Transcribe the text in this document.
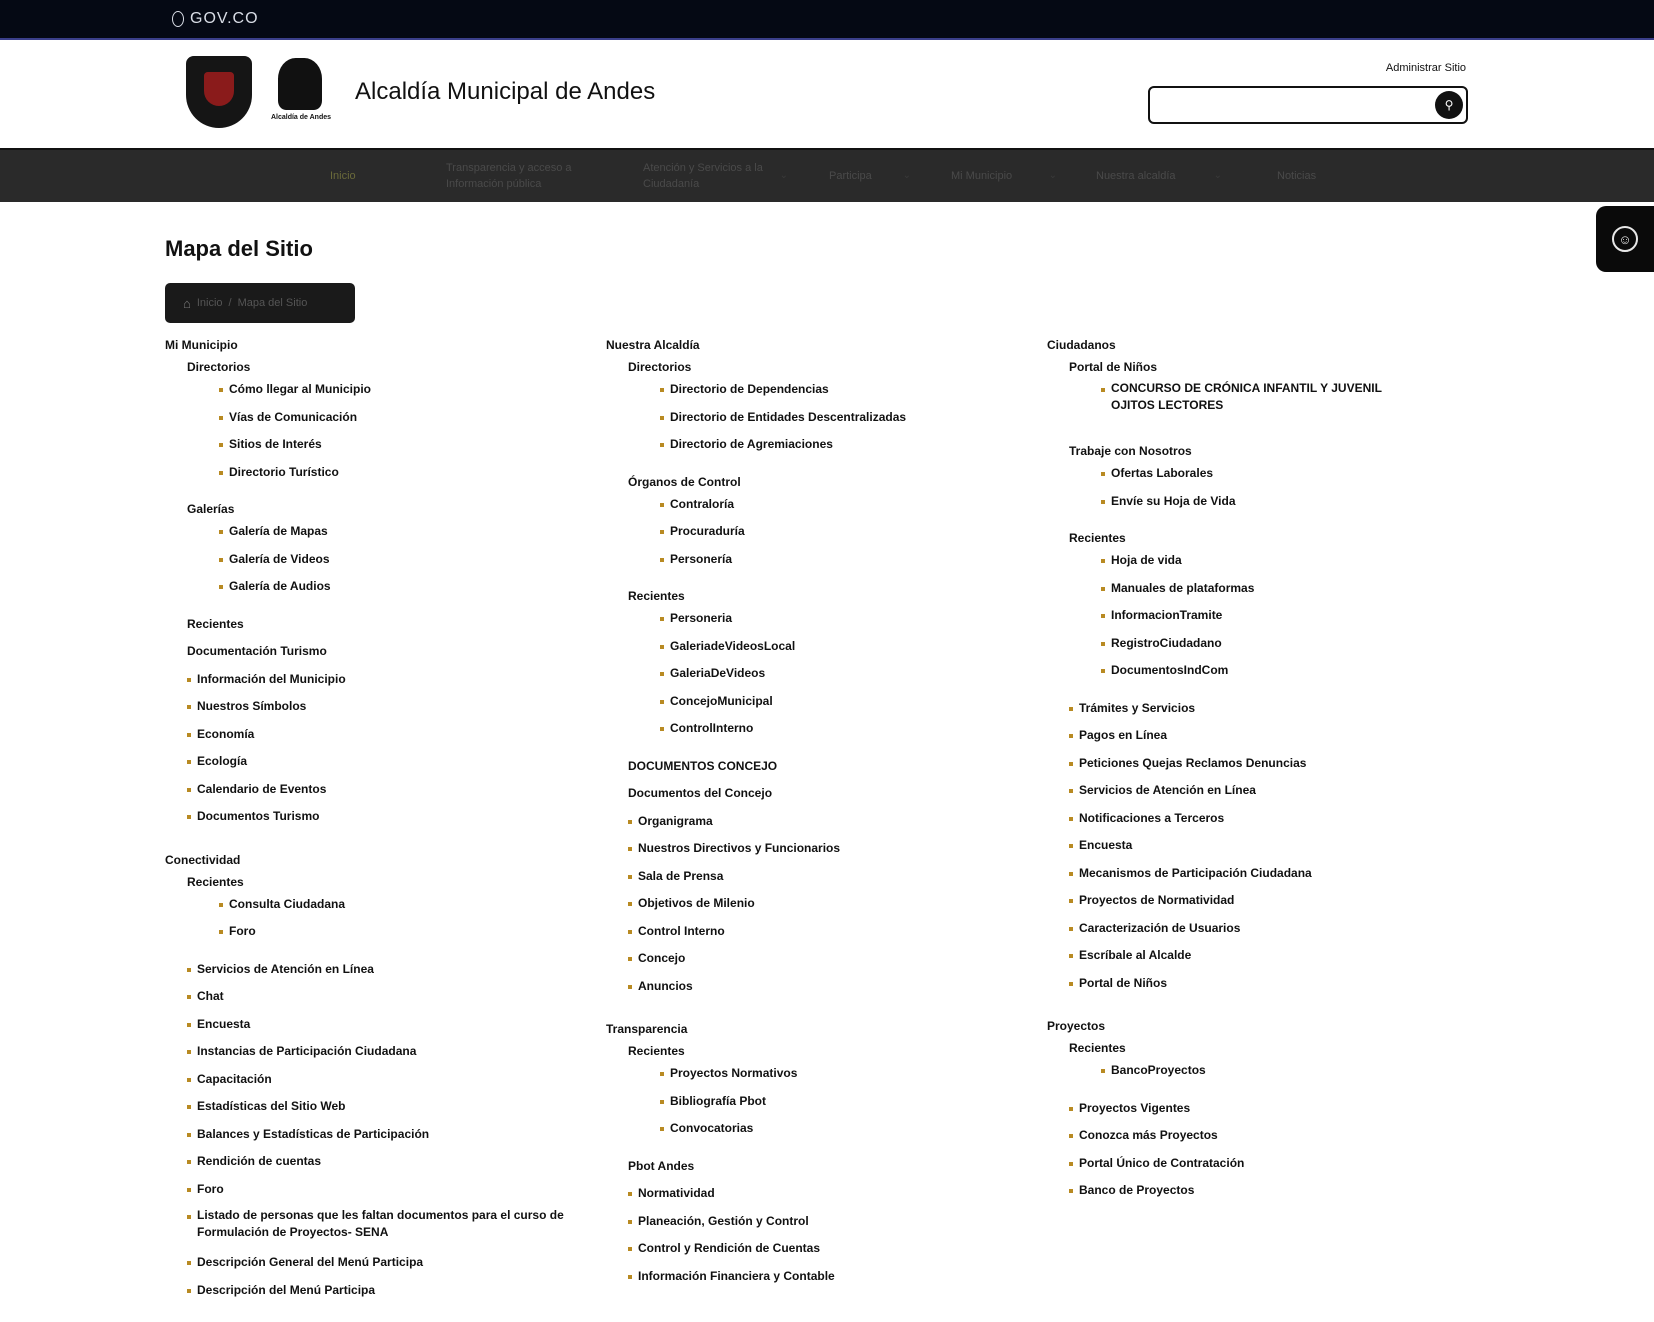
GOV.CO
Alcaldía de Andes
Alcaldía Municipal de Andes
Administrar Sitio
⚲
Inicio
Transparencia y acceso a Información pública
Atención y Servicios a la Ciudadanía
⌄	Participa	⌄	Mi Municipio	⌄	Nuestra alcaldía	⌄	Noticias
☺
Mapa del Sitio
⌂ Inicio / Mapa del Sitio
Mi Municipio
Directorios
Cómo llegar al Municipio
Vías de Comunicación
Sitios de Interés
Directorio Turístico
Galerías
Galería de Mapas
Galería de Videos
Galería de Audios
Recientes
Documentación Turismo
Información del Municipio
Nuestros Símbolos
Economía
Ecología
Calendario de Eventos
Documentos Turismo
Conectividad
Recientes
Consulta Ciudadana
Foro
Servicios de Atención en Línea
Chat
Encuesta
Instancias de Participación Ciudadana
Capacitación
Estadísticas del Sitio Web
Balances y Estadísticas de Participación
Rendición de cuentas
Foro
Listado de personas que les faltan documentos para el curso de Formulación de Proyectos- SENA
Descripción General del Menú Participa
Descripción del Menú Participa
Nuestra Alcaldía
Directorios
Directorio de Dependencias
Directorio de Entidades Descentralizadas
Directorio de Agremiaciones
Órganos de Control
Contraloría
Procuraduría
Personería
Recientes
Personeria
GaleriadeVideosLocal
GaleriaDeVideos
ConcejoMunicipal
ControlInterno
DOCUMENTOS CONCEJO
Documentos del Concejo
Organigrama
Nuestros Directivos y Funcionarios
Sala de Prensa
Objetivos de Milenio
Control Interno
Concejo
Anuncios
Transparencia
Recientes
Proyectos Normativos
Bibliografía Pbot
Convocatorias
Pbot Andes
Normatividad
Planeación, Gestión y Control
Control y Rendición de Cuentas
Información Financiera y Contable
Ciudadanos
Portal de Niños
CONCURSO DE CRÓNICA INFANTIL Y JUVENIL OJITOS LECTORES
Trabaje con Nosotros
Ofertas Laborales
Envíe su Hoja de Vida
Recientes
Hoja de vida
Manuales de plataformas
InformacionTramite
RegistroCiudadano
DocumentosIndCom
Trámites y Servicios
Pagos en Línea
Peticiones Quejas Reclamos Denuncias
Servicios de Atención en Línea
Notificaciones a Terceros
Encuesta
Mecanismos de Participación Ciudadana
Proyectos de Normatividad
Caracterización de Usuarios
Escríbale al Alcalde
Portal de Niños
Proyectos
Recientes
BancoProyectos
Proyectos Vigentes
Conozca más Proyectos
Portal Único de Contratación
Banco de Proyectos
